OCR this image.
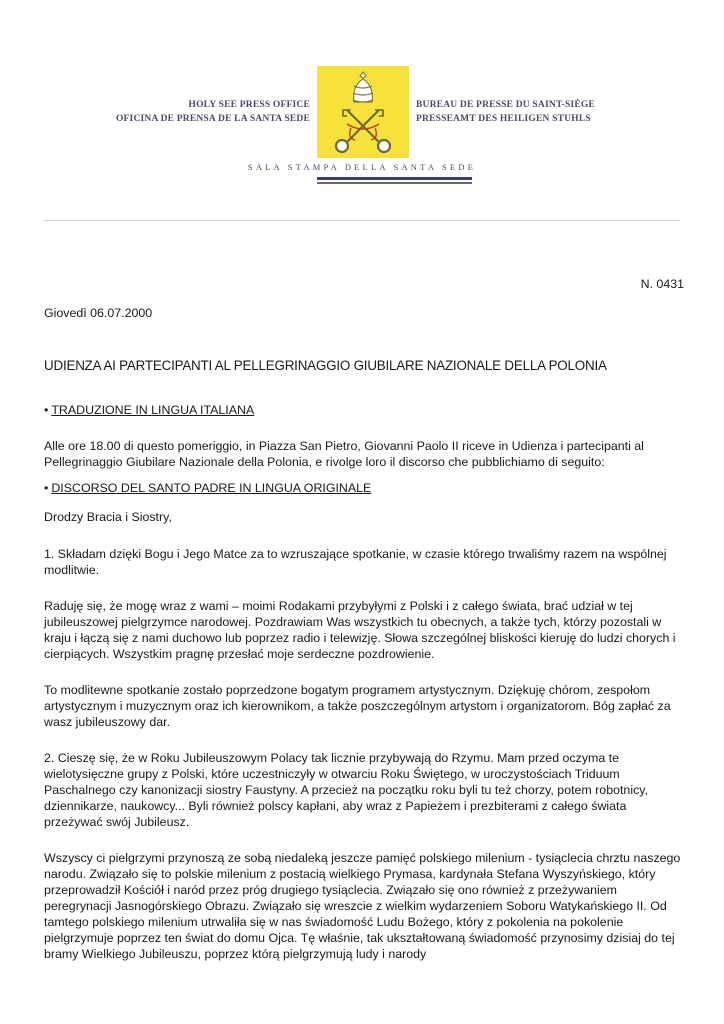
HOLY SEE PRESS OFFICE
OFICINA DE PRENSA DE LA SANTA SEDE
BUREAU DE PRESSE DU SAINT-SIÈGE
PRESSEAMT DES HEILIGEN STUHLS
SALA STAMPA DELLA SANTA SEDE

N. 0431

Giovedì 06.07.2000

UDIENZA AI PARTECIPANTI AL PELLEGRINAGGIO GIUBILARE NAZIONALE DELLA POLONIA

• TRADUZIONE IN LINGUA ITALIANA

Alle ore 18.00 di questo pomeriggio, in Piazza San Pietro, Giovanni Paolo II riceve in Udienza i partecipanti al Pellegrinaggio Giubilare Nazionale della Polonia, e rivolge loro il discorso che pubblichiamo di seguito:

• DISCORSO DEL SANTO PADRE IN LINGUA ORIGINALE

Drodzy Bracia i Siostry,

1. Składam dzięki Bogu i Jego Matce za to wzruszające spotkanie, w czasie którego trwaliśmy razem na wspólnej modlitwie.

Raduję się, że mogę wraz z wami – moimi Rodakami przybyłymi z Polski i z całego świata, brać udział w tej jubileuszowej pielgrzymce narodowej. Pozdrawiam Was wszystkich tu obecnych, a także tych, którzy pozostali w kraju i łączą się z nami duchowo lub poprzez radio i telewizję. Słowa szczególnej bliskości kieruję do ludzi chorych i cierpiących. Wszystkim pragnę przesłać moje serdeczne pozdrowienie.

To modlitewne spotkanie zostało poprzedzone bogatym programem artystycznym. Dziękuję chórom, zespołom artystycznym i muzycznym oraz ich kierownikom, a także poszczególnym artystom i organizatorom. Bóg zapłać za wasz jubileuszowy dar.

2. Cieszę się, że w Roku Jubileuszowym Polacy tak licznie przybywają do Rzymu. Mam przed oczyma te wielotysięczne grupy z Polski, które uczestniczyły w otwarciu Roku Świętego, w uroczystościach Triduum Paschalnego czy kanonizacji siostry Faustyny. A przecież na początku roku byli tu też chorzy, potem robotnicy, dziennikarze, naukowcy... Byli również polscy kapłani, aby wraz z Papieżem i prezbiterami z całego świata przeżywać swój Jubileusz.

Wszyscy ci pielgrzymi przynoszą ze sobą niedaleką jeszcze pamięć polskiego milenium - tysiąclecia chrztu naszego narodu. Związało się to polskie milenium z postacią wielkiego Prymasa, kardynała Stefana Wyszyńskiego, który przeprowadził Kościół i naród przez próg drugiego tysiąclecia. Związało się ono również z przeżywaniem peregrynacji Jasnogórskiego Obrazu. Związało się wreszcie z wielkim wydarzeniem Soboru Watykańskiego II. Od tamtego polskiego milenium utrwaliła się w nas świadomość Ludu Bożego, który z pokolenia na pokolenie pielgrzymuje poprzez ten świat do domu Ojca. Tę właśnie, tak ukształtowaną świadomość przynosimy dzisiaj do tej bramy Wielkiego Jubileuszu, poprzez którą pielgrzymują ludy i narody
